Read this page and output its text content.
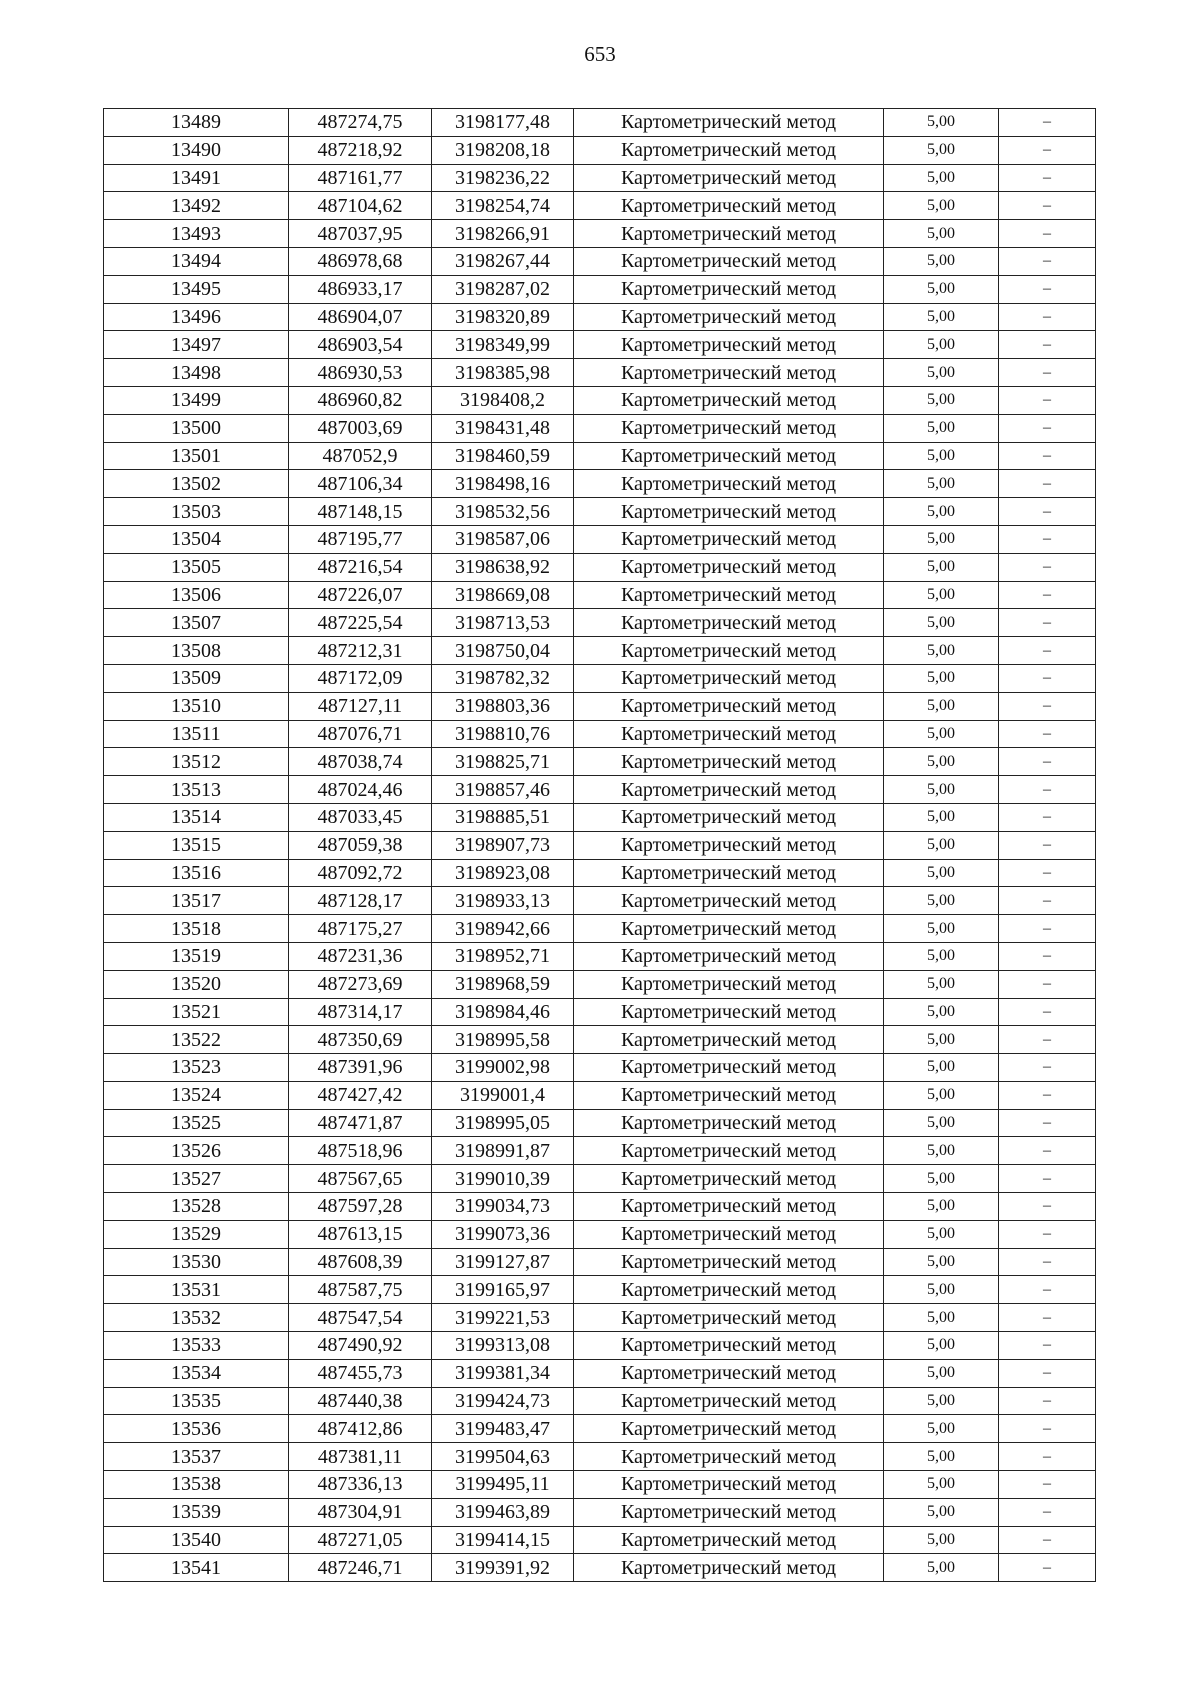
653
13489	487274,75	3198177,48	Картометрический метод	5,00	–
13490	487218,92	3198208,18	Картометрический метод	5,00	–
13491	487161,77	3198236,22	Картометрический метод	5,00	–
13492	487104,62	3198254,74	Картометрический метод	5,00	–
13493	487037,95	3198266,91	Картометрический метод	5,00	–
13494	486978,68	3198267,44	Картометрический метод	5,00	–
13495	486933,17	3198287,02	Картометрический метод	5,00	–
13496	486904,07	3198320,89	Картометрический метод	5,00	–
13497	486903,54	3198349,99	Картометрический метод	5,00	–
13498	486930,53	3198385,98	Картометрический метод	5,00	–
13499	486960,82	3198408,2	Картометрический метод	5,00	–
13500	487003,69	3198431,48	Картометрический метод	5,00	–
13501	487052,9	3198460,59	Картометрический метод	5,00	–
13502	487106,34	3198498,16	Картометрический метод	5,00	–
13503	487148,15	3198532,56	Картометрический метод	5,00	–
13504	487195,77	3198587,06	Картометрический метод	5,00	–
13505	487216,54	3198638,92	Картометрический метод	5,00	–
13506	487226,07	3198669,08	Картометрический метод	5,00	–
13507	487225,54	3198713,53	Картометрический метод	5,00	–
13508	487212,31	3198750,04	Картометрический метод	5,00	–
13509	487172,09	3198782,32	Картометрический метод	5,00	–
13510	487127,11	3198803,36	Картометрический метод	5,00	–
13511	487076,71	3198810,76	Картометрический метод	5,00	–
13512	487038,74	3198825,71	Картометрический метод	5,00	–
13513	487024,46	3198857,46	Картометрический метод	5,00	–
13514	487033,45	3198885,51	Картометрический метод	5,00	–
13515	487059,38	3198907,73	Картометрический метод	5,00	–
13516	487092,72	3198923,08	Картометрический метод	5,00	–
13517	487128,17	3198933,13	Картометрический метод	5,00	–
13518	487175,27	3198942,66	Картометрический метод	5,00	–
13519	487231,36	3198952,71	Картометрический метод	5,00	–
13520	487273,69	3198968,59	Картометрический метод	5,00	–
13521	487314,17	3198984,46	Картометрический метод	5,00	–
13522	487350,69	3198995,58	Картометрический метод	5,00	–
13523	487391,96	3199002,98	Картометрический метод	5,00	–
13524	487427,42	3199001,4	Картометрический метод	5,00	–
13525	487471,87	3198995,05	Картометрический метод	5,00	–
13526	487518,96	3198991,87	Картометрический метод	5,00	–
13527	487567,65	3199010,39	Картометрический метод	5,00	–
13528	487597,28	3199034,73	Картометрический метод	5,00	–
13529	487613,15	3199073,36	Картометрический метод	5,00	–
13530	487608,39	3199127,87	Картометрический метод	5,00	–
13531	487587,75	3199165,97	Картометрический метод	5,00	–
13532	487547,54	3199221,53	Картометрический метод	5,00	–
13533	487490,92	3199313,08	Картометрический метод	5,00	–
13534	487455,73	3199381,34	Картометрический метод	5,00	–
13535	487440,38	3199424,73	Картометрический метод	5,00	–
13536	487412,86	3199483,47	Картометрический метод	5,00	–
13537	487381,11	3199504,63	Картометрический метод	5,00	–
13538	487336,13	3199495,11	Картометрический метод	5,00	–
13539	487304,91	3199463,89	Картометрический метод	5,00	–
13540	487271,05	3199414,15	Картометрический метод	5,00	–
13541	487246,71	3199391,92	Картометрический метод	5,00	–
